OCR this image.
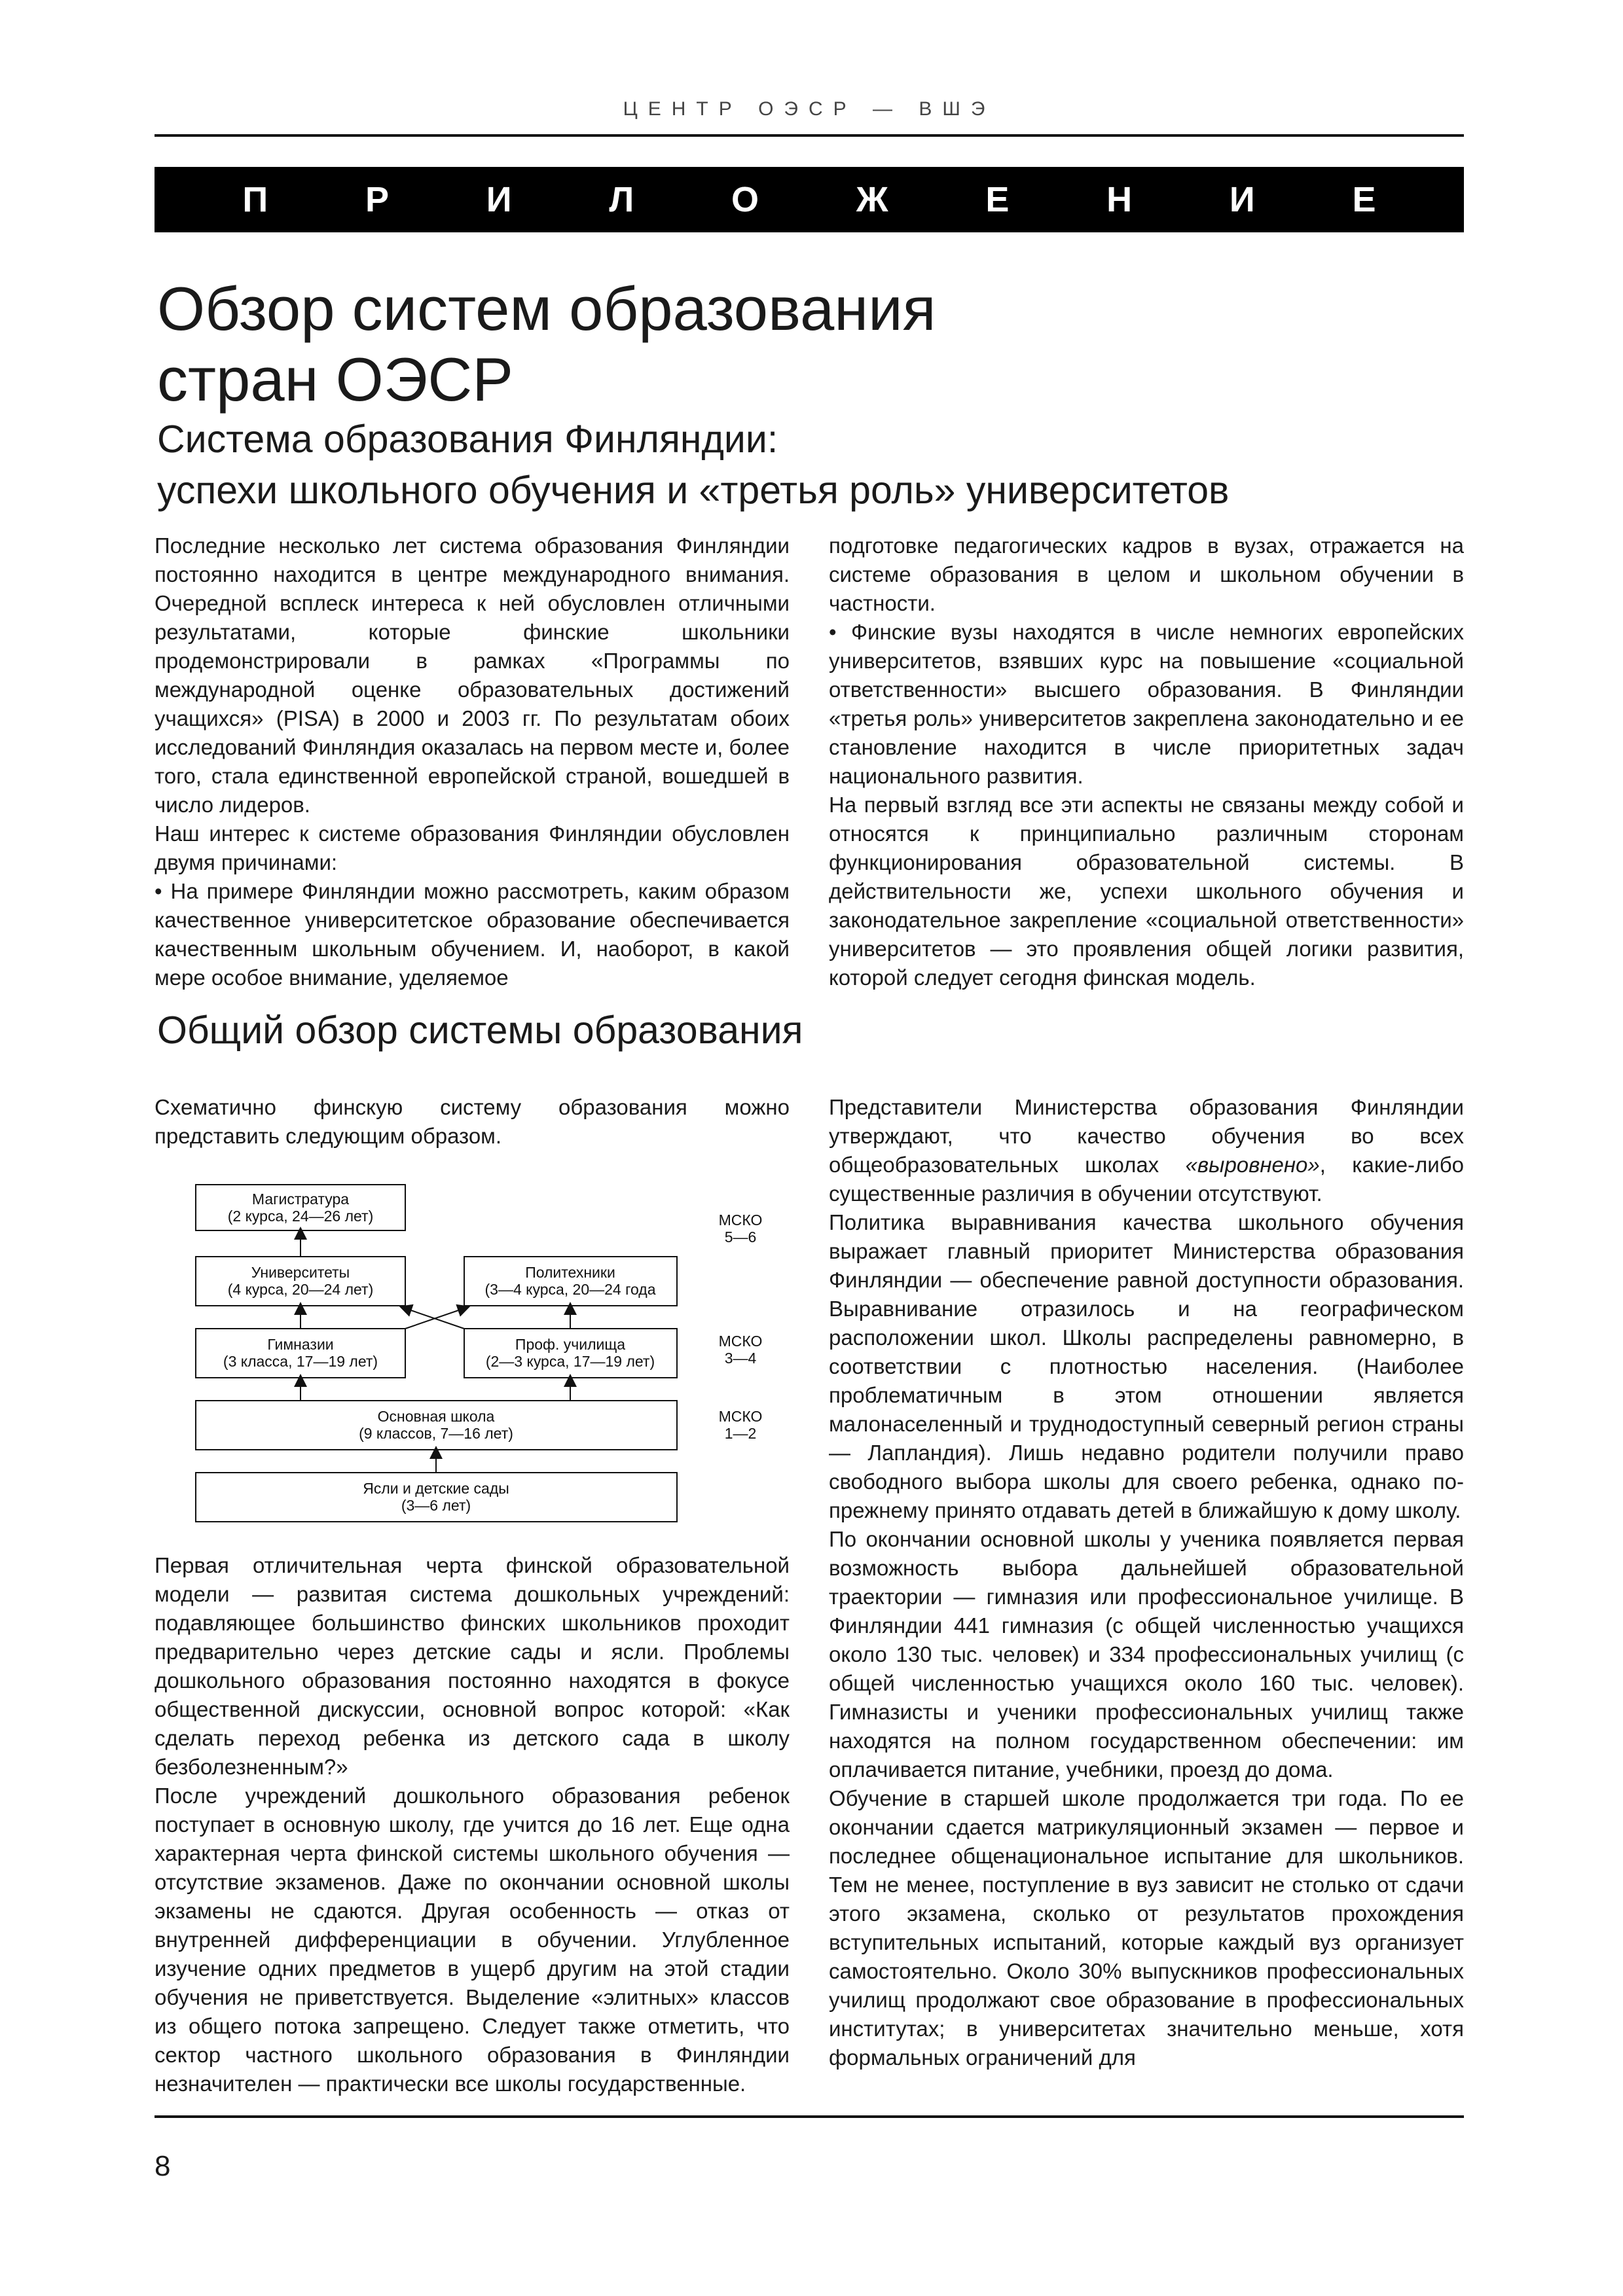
ЦЕНТР ОЭСР — ВШЭ
П	Р	И	Л	О	Ж	Е	Н	И	Е
Обзор систем образования
стран ОЭСР
Система образования Финляндии:
успехи школьного обучения и «третья роль» университетов

Последние несколько лет система образования Финляндии постоянно находится в центре международного внимания. Очередной всплеск интереса к ней обусловлен отличными результатами, которые финские школьники продемонстрировали в рамках «Программы по международной оценке образовательных достижений учащихся» (PISA) в 2000 и 2003 гг. По результатам обоих исследований Финляндия оказалась на первом месте и, более того, стала единственной европейской страной, вошедшей в число лидеров.

Наш интерес к системе образования Финляндии обусловлен двумя причинами:

• На примере Финляндии можно рассмотреть, каким образом качественное университетское образование обеспечивается качественным школьным обучением. И, наоборот, в какой мере особое внимание, уделяемое

подготовке педагогических кадров в вузах, отражается на системе образования в целом и школьном обучении в частности.

• Финские вузы находятся в числе немногих европейских университетов, взявших курс на повышение «социальной ответственности» высшего образования. В Финляндии «третья роль» университетов закреплена законодательно и ее становление находится в числе приоритетных задач национального развития.

На первый взгляд все эти аспекты не связаны между собой и относятся к принципиально различным сторонам функционирования образовательной системы. В действительности же, успехи школьного обучения и законодательное закрепление «социальной ответственности» университетов — это проявления общей логики развития, которой следует сегодня финская модель.

Общий обзор системы образования

Схематично финскую систему образования можно представить следующим образом.

Магистратура
(2 курса, 24—26 лет)
Университеты
(4 курса, 20—24 лет)
Политехники
(3—4 курса, 20—24 года
Гимназии
(3 класса, 17—19 лет)
Проф. училища
(2—3 курса, 17—19 лет)
Основная школа
(9 классов, 7—16 лет)
Ясли и детские сады
(3—6 лет)
МСКО
5—6
МСКО
3—4
МСКО
1—2

Первая отличительная черта финской образовательной модели — развитая система дошкольных учреждений: подавляющее большинство финских школьников проходит предварительно через детские сады и ясли. Проблемы дошкольного образования постоянно находятся в фокусе общественной дискуссии, основной вопрос которой: «Как сделать переход ребенка из детского сада в школу безболезненным?»

После учреждений дошкольного образования ребенок поступает в основную школу, где учится до 16 лет. Еще одна характерная черта финской системы школьного обучения — отсутствие экзаменов. Даже по окончании основной школы экзамены не сдаются. Другая особенность — отказ от внутренней дифференциации в обучении. Углубленное изучение одних предметов в ущерб другим на этой стадии обучения не приветствуется. Выделение «элитных» классов из общего потока запрещено. Следует также отметить, что сектор частного школьного образования в Финляндии незначителен — практически все школы государственные.

Представители Министерства образования Финляндии утверждают, что качество обучения во всех общеобразовательных школах «выровнено», какие-либо существенные различия в обучении отсутствуют.

Политика выравнивания качества школьного обучения выражает главный приоритет Министерства образования Финляндии — обеспечение равной доступности образования. Выравнивание отразилось и на географическом расположении школ. Школы распределены равномерно, в соответствии с плотностью населения. (Наиболее проблематичным в этом отношении является малонаселенный и труднодоступный северный регион страны — Лапландия). Лишь недавно родители получили право свободного выбора школы для своего ребенка, однако по-прежнему принято отдавать детей в ближайшую к дому школу.

По окончании основной школы у ученика появляется первая возможность выбора дальнейшей образовательной траектории — гимназия или профессиональное училище. В Финляндии 441 гимназия (с общей численностью учащихся около 130 тыс. человек) и 334 профессиональных училищ (с общей численностью учащихся около 160 тыс. человек). Гимназисты и ученики профессиональных училищ также находятся на полном государственном обеспечении: им оплачивается питание, учебники, проезд до дома.

Обучение в старшей школе продолжается три года. По ее окончании сдается матрикуляционный экзамен — первое и последнее общенациональное испытание для школьников. Тем не менее, поступление в вуз зависит не столько от сдачи этого экзамена, сколько от результатов прохождения вступительных испытаний, которые каждый вуз организует самостоятельно. Около 30% выпускников профессиональных училищ продолжают свое образование в профессиональных институтах; в университетах значительно меньше, хотя формальных ограничений для

8
